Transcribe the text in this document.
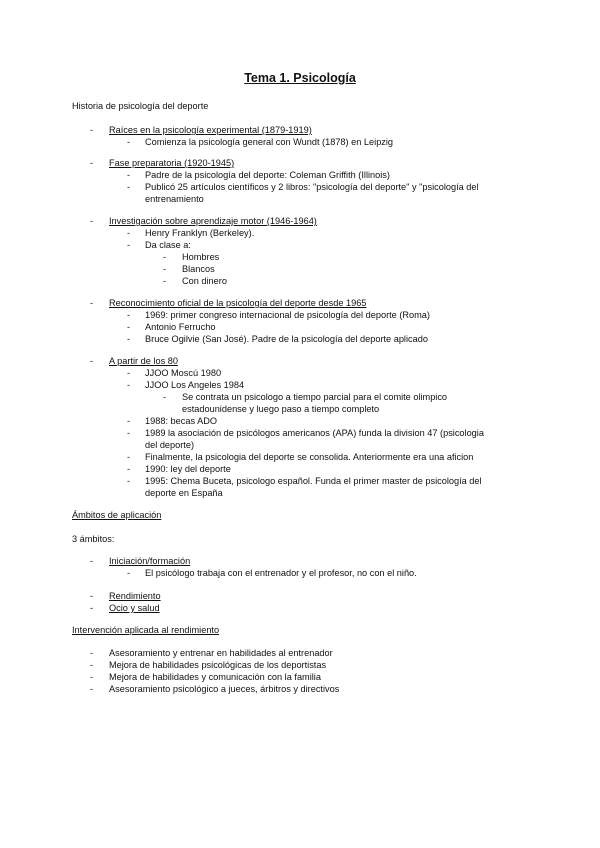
Tema 1. Psicología
Historia de psicología del deporte
- Raíces en la psicología experimental (1879-1919)
- Comienza la psicología general con Wundt (1878) en Leipzig
- Fase preparatoria (1920-1945)
- Padre de la psicología del deporte: Coleman Griffith (Illinois)
- Publicó 25 artículos científicos y 2 libros: "psicología del deporte" y "psicología del
entrenamiento
- Investigación sobre aprendizaje motor (1946-1964)
- Henry Franklyn (Berkeley).
- Da clase a:
- Hombres
- Blancos
- Con dinero
- Reconocimiento oficial de la psicología del deporte desde 1965
- 1969: primer congreso internacional de psicología del deporte (Roma)
- Antonio Ferrucho
- Bruce Ogilvie (San José). Padre de la psicología del deporte aplicado
- A partir de los 80
- JJOO Moscú 1980
- JJOO Los Angeles 1984
- Se contrata un psicologo a tiempo parcial para el comite olimpico
estadounidense y luego paso a tiempo completo
- 1988: becas ADO
- 1989 la asociación de psicólogos americanos (APA) funda la division 47 (psicologia
del deporte)
- Finalmente, la psicologia del deporte se consolida. Anteriormente era una aficion
- 1990: ley del deporte
- 1995: Chema Buceta, psicologo español. Funda el primer master de psicología del
deporte en España
Ámbitos de aplicación
3 ámbitos:
- Iniciación/formación
- El psicólogo trabaja con el entrenador y el profesor, no con el niño.
- Rendimiento
- Ocio y salud
Intervención aplicada al rendimiento
- Asesoramiento y entrenar en habilidades al entrenador
- Mejora de habilidades psicológicas de los deportistas
- Mejora de habilidades y comunicación con la familia
- Asesoramiento psicológico a jueces, árbitros y directivos
